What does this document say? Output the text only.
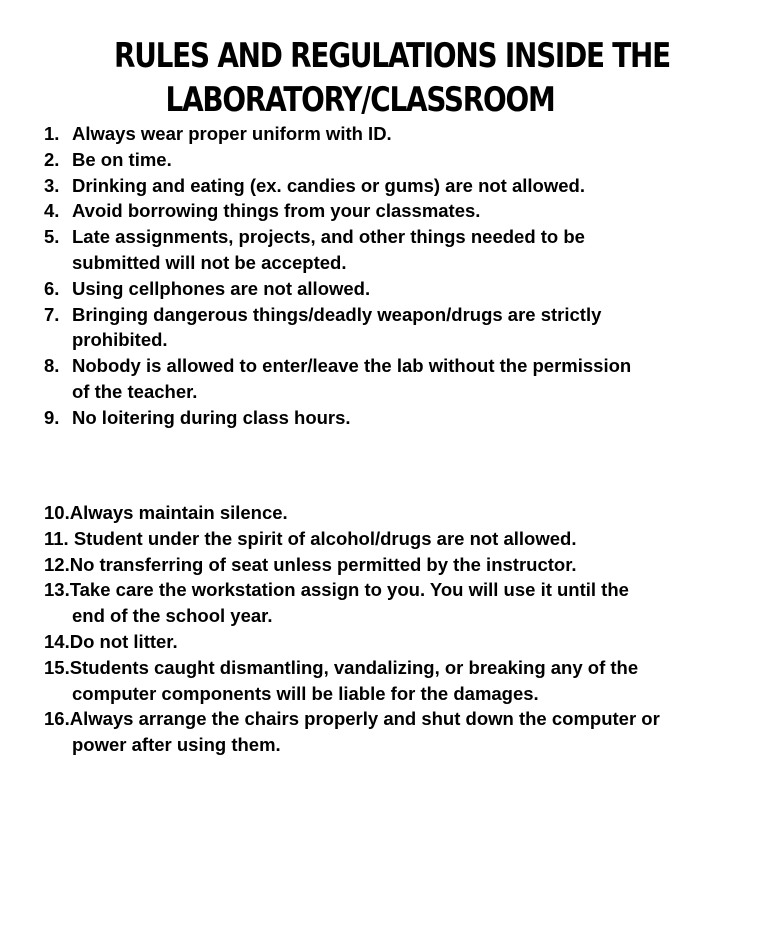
RULES AND REGULATIONS INSIDE THE
LABORATORY/CLASSROOM
1. Always wear proper uniform with ID.
2. Be on time.
3. Drinking and eating (ex. candies or gums) are not allowed.
4. Avoid borrowing things from your classmates.
5. Late assignments, projects, and other things needed to be
submitted will not be accepted.
6. Using cellphones are not allowed.
7. Bringing dangerous things/deadly weapon/drugs are strictly
prohibited.
8. Nobody is allowed to enter/leave the lab without the permission
of the teacher.
9. No loitering during class hours.
10.Always maintain silence.
11. Student under the spirit of alcohol/drugs are not allowed.
12.No transferring of seat unless permitted by the instructor.
13.Take care the workstation assign to you. You will use it until the
end of the school year.
14.Do not litter.
15.Students caught dismantling, vandalizing, or breaking any of the
computer components will be liable for the damages.
16.Always arrange the chairs properly and shut down the computer or
power after using them.
